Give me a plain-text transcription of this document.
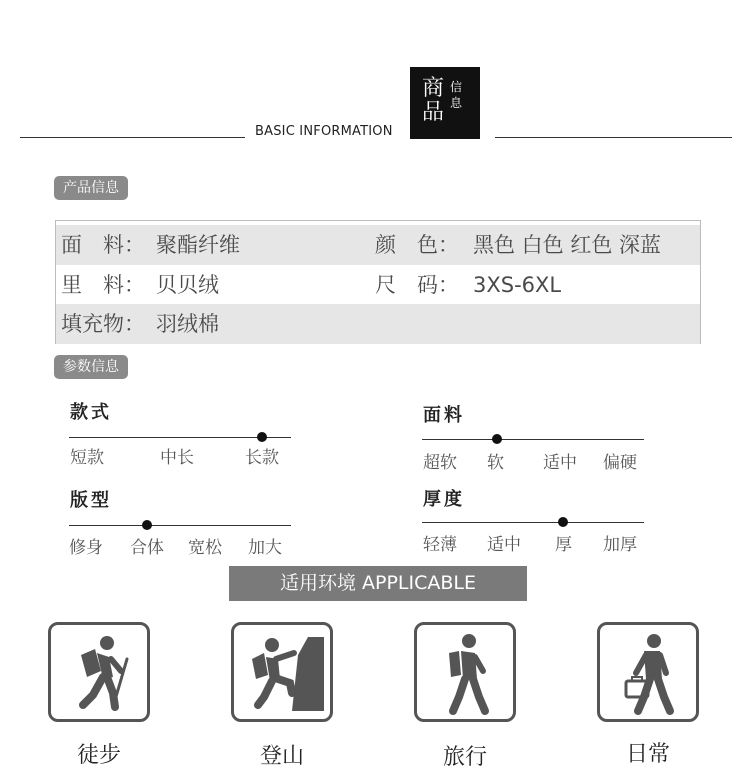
BASIC INFORMATION
商品
信息
产品信息
面　料： 聚酯纤维	颜　色： 黑色 白色 红色 深蓝
里　料： 贝贝绒	尺　码： 3XS-6XL
填充物： 羽绒棉
参数信息
款式
短款	中长	长款
面料
超软 软 适中 偏硬
版型
修身 合体 宽松 加大
厚度
轻薄 适中 厚 加厚
适用环境 APPLICABLE
徒步	登山	旅行	日常
